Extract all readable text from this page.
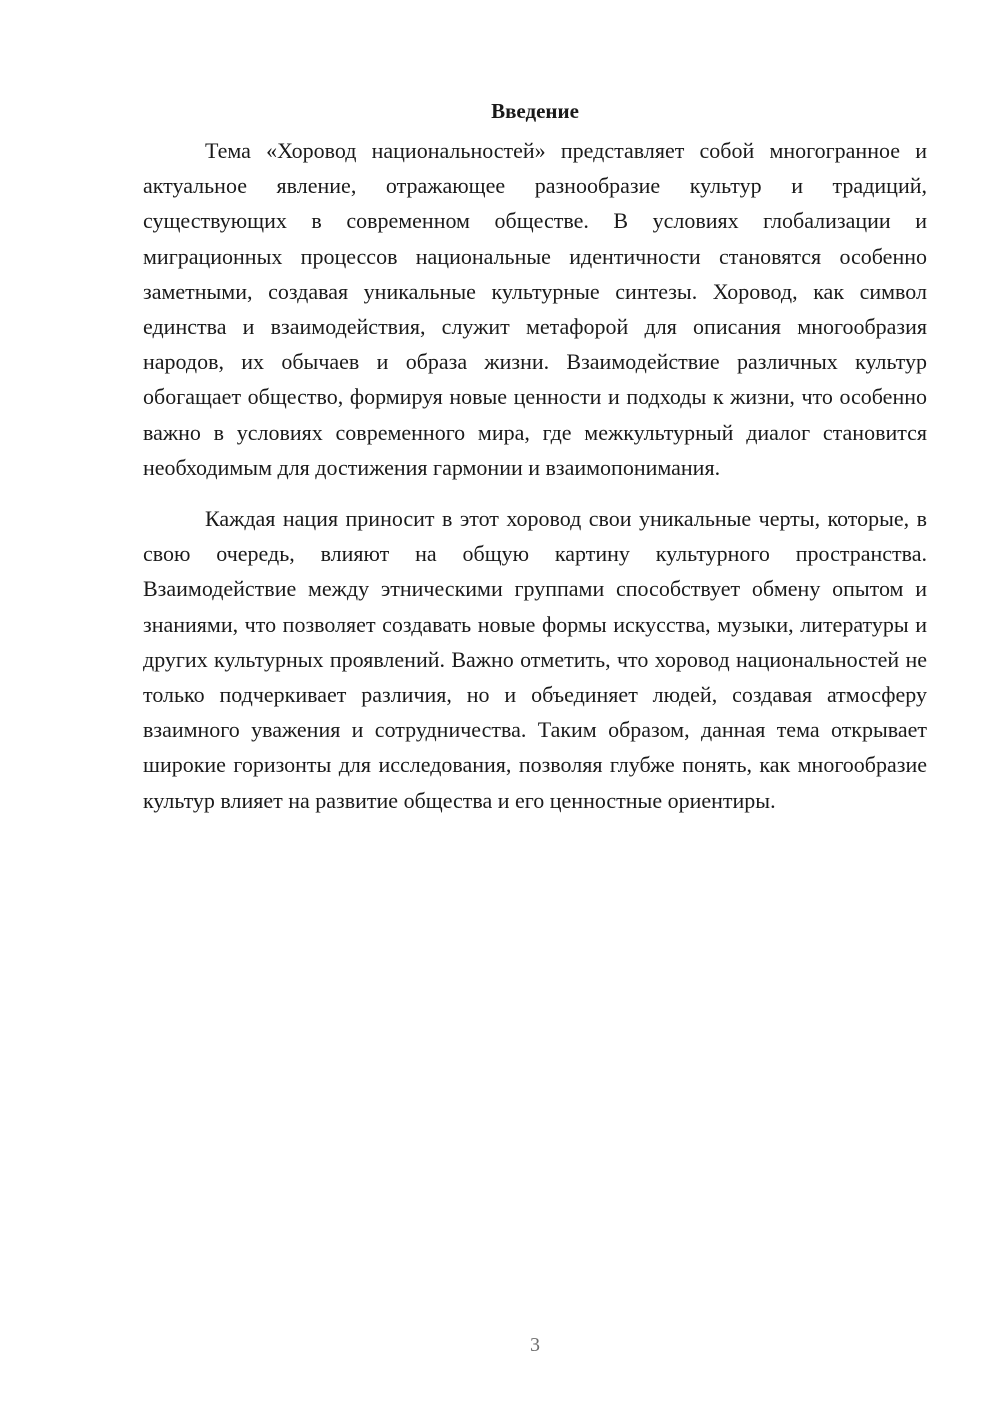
Введение

Тема «Хоровод национальностей» представляет собой многогранное и актуальное явление, отражающее разнообразие культур и традиций, существующих в современном обществе. В условиях глобализации и миграционных процессов национальные идентичности становятся особенно заметными, создавая уникальные культурные синтезы. Хоровод, как символ единства и взаимодействия, служит метафорой для описания многообразия народов, их обычаев и образа жизни. Взаимодействие различных культур обогащает общество, формируя новые ценности и подходы к жизни, что особенно важно в условиях современного мира, где межкультурный диалог становится необходимым для достижения гармонии и взаимопонимания.

Каждая нация приносит в этот хоровод свои уникальные черты, которые, в свою очередь, влияют на общую картину культурного пространства. Взаимодействие между этническими группами способствует обмену опытом и знаниями, что позволяет создавать новые формы искусства, музыки, литературы и других культурных проявлений. Важно отметить, что хоровод национальностей не только подчеркивает различия, но и объединяет людей, создавая атмосферу взаимного уважения и сотрудничества. Таким образом, данная тема открывает широкие горизонты для исследования, позволяя глубже понять, как многообразие культур влияет на развитие общества и его ценностные ориентиры.

3
